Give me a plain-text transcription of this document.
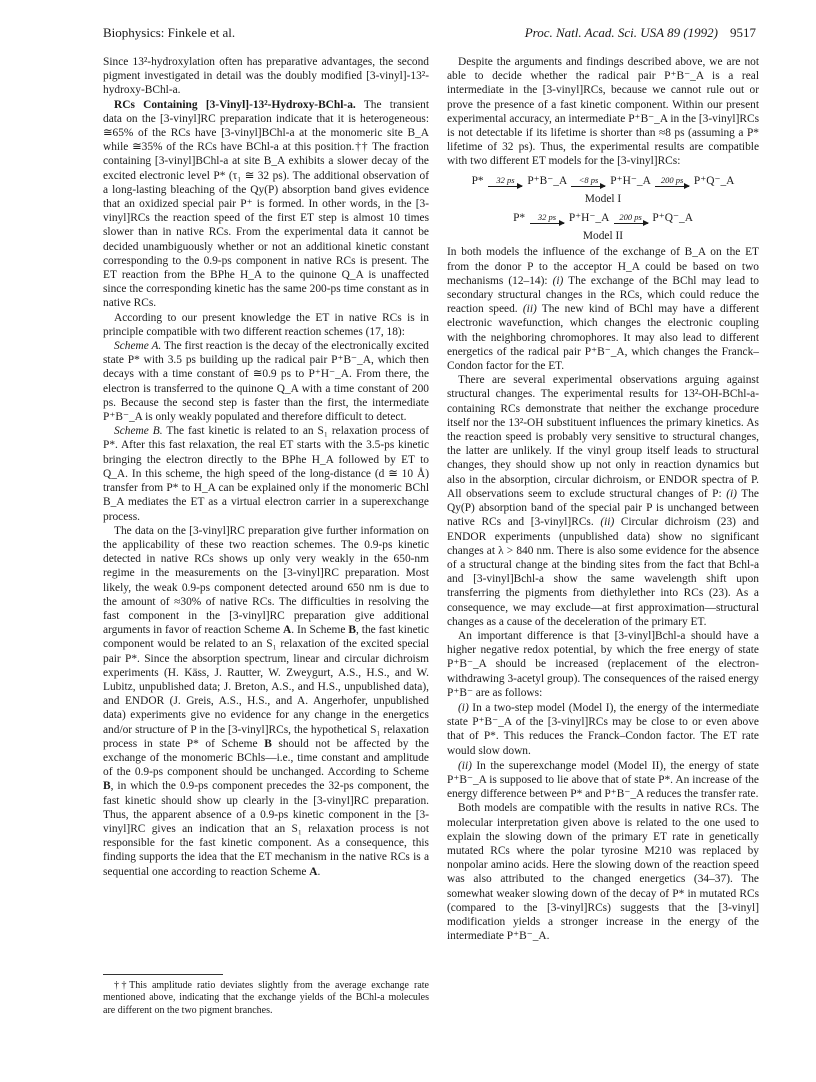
Biophysics: Finkele et al.	Proc. Natl. Acad. Sci. USA 89 (1992) 9517

Since 13²-hydroxylation often has preparative advantages, the second pigment investigated in detail was the doubly modified [3-vinyl]-13²-hydroxy-BChl-a.

RCs Containing [3-Vinyl]-13²-Hydroxy-BChl-a. The transient data on the [3-vinyl]RC preparation indicate that it is heterogeneous: ≅65% of the RCs have [3-vinyl]BChl-a at the monomeric site B_A while ≅35% of the RCs have BChl-a at this position.†† The fraction containing [3-vinyl]BChl-a at site B_A exhibits a slower decay of the excited electronic level P* (τ₁ ≅ 32 ps). The additional observation of a long-lasting bleaching of the Qy(P) absorption band gives evidence that an oxidized special pair P⁺ is formed. In other words, in the [3-vinyl]RCs the reaction speed of the first ET step is almost 10 times slower than in native RCs. From the experimental data it cannot be decided unambiguously whether or not an additional kinetic constant corresponding to the 0.9-ps component in native RCs is present. The ET reaction from the BPhe H_A to the quinone Q_A is unaffected since the corresponding kinetic has the same 200-ps time constant as in native RCs.

According to our present knowledge the ET in native RCs is in principle compatible with two different reaction schemes (17, 18):

Scheme A. The first reaction is the decay of the electronically excited state P* with 3.5 ps building up the radical pair P⁺B⁻_A, which then decays with a time constant of ≅0.9 ps to P⁺H⁻_A. From there, the electron is transferred to the quinone Q_A with a time constant of 200 ps. Because the second step is faster than the first, the intermediate P⁺B⁻_A is only weakly populated and therefore difficult to detect.

Scheme B. The fast kinetic is related to an S₁ relaxation process of P*. After this fast relaxation, the real ET starts with the 3.5-ps kinetic bringing the electron directly to the BPhe H_A followed by ET to Q_A. In this scheme, the high speed of the long-distance (d ≅ 10 Å) transfer from P* to H_A can be explained only if the monomeric BChl B_A mediates the ET as a virtual electron carrier in a superexchange process.

The data on the [3-vinyl]RC preparation give further information on the applicability of these two reaction schemes. The 0.9-ps kinetic detected in native RCs shows up only very weakly in the 650-nm regime in the measurements on the [3-vinyl]RC preparation. Most likely, the weak 0.9-ps component detected around 650 nm is due to the amount of ≈30% of native RCs. The difficulties in resolving the fast component in the [3-vinyl]RC preparation give additional arguments in favor of reaction Scheme A. In Scheme B, the fast kinetic component would be related to an S₁ relaxation of the excited special pair P*. Since the absorption spectrum, linear and circular dichroism experiments (H. Käss, J. Rautter, W. Zweygurt, A.S., H.S., and W. Lubitz, unpublished data; J. Breton, A.S., and H.S., unpublished data), and ENDOR (J. Greis, A.S., H.S., and A. Angerhofer, unpublished data) experiments give no evidence for any change in the energetics and/or structure of P in the [3-vinyl]RCs, the hypothetical S₁ relaxation process in state P* of Scheme B should not be affected by the exchange of the monomeric BChls—i.e., time constant and amplitude of the 0.9-ps component should be unchanged. According to Scheme B, in which the 0.9-ps component precedes the 32-ps component, the fast kinetic should show up clearly in the [3-vinyl]RC preparation. Thus, the apparent absence of a 0.9-ps kinetic component in the [3-vinyl]RC gives an indication that an S₁ relaxation process is not responsible for the fast kinetic component. As a consequence, this finding supports the idea that the ET mechanism in the native RCs is a sequential one according to reaction Scheme A.

††This amplitude ratio deviates slightly from the average exchange rate mentioned above, indicating that the exchange yields of the BChl-a molecules are different on the two pigment branches.

Despite the arguments and findings described above, we are not able to decide whether the radical pair P⁺B⁻_A is a real intermediate in the [3-vinyl]RCs, because we cannot rule out or prove the presence of a fast kinetic component. Within our present experimental accuracy, an intermediate P⁺B⁻_A in the [3-vinyl]RCs is not detectable if its lifetime is shorter than ≈8 ps (assuming a P* lifetime of 32 ps). Thus, the experimental results are compatible with two different ET models for the [3-vinyl]RCs:

P*	32 ps	P⁺B⁻_A	<8 ps	P⁺H⁻_A	200 ps P⁺Q⁻_A
Model I
P*	32 ps	P⁺H⁻_A	200 ps P⁺Q⁻_A
Model II

In both models the influence of the exchange of B_A on the ET from the donor P to the acceptor H_A could be based on two mechanisms (12–14): (i) The exchange of the BChl may lead to secondary structural changes in the RCs, which could reduce the reaction speed. (ii) The new kind of BChl may have a different electronic wavefunction, which changes the electronic coupling with the neighboring chromophores. It may also lead to different energetics of the radical pair P⁺B⁻_A, which changes the Franck–Condon factor for the ET.

There are several experimental observations arguing against structural changes. The experimental results for 13²-OH-BChl-a-containing RCs demonstrate that neither the exchange procedure itself nor the 13²-OH substituent influences the primary kinetics. As the reaction speed is probably very sensitive to structural changes, the latter are unlikely. If the vinyl group itself leads to structural changes, they should show up not only in reaction dynamics but also in the absorption, circular dichroism, or ENDOR spectra of P. All observations seem to exclude structural changes of P: (i) The Qy(P) absorption band of the special pair P is unchanged between native RCs and [3-vinyl]RCs. (ii) Circular dichroism (23) and ENDOR experiments (unpublished data) show no significant changes at λ > 840 nm. There is also some evidence for the absence of a structural change at the binding sites from the fact that Bchl-a and [3-vinyl]Bchl-a show the same wavelength shift upon transferring the pigments from diethylether into RCs (23). As a consequence, we may exclude—at first approximation—structural changes as a cause of the deceleration of the primary ET.

An important difference is that [3-vinyl]Bchl-a should have a higher negative redox potential, by which the free energy of state P⁺B⁻_A should be increased (replacement of the electron-withdrawing 3-acetyl group). The consequences of the raised energy P⁺B⁻ are as follows:

(i) In a two-step model (Model I), the energy of the intermediate state P⁺B⁻_A of the [3-vinyl]RCs may be close to or even above that of P*. This reduces the Franck–Condon factor. The ET rate would slow down.

(ii) In the superexchange model (Model II), the energy of state P⁺B⁻_A is supposed to lie above that of state P*. An increase of the energy difference between P* and P⁺B⁻_A reduces the transfer rate.

Both models are compatible with the results in native RCs. The molecular interpretation given above is related to the one used to explain the slowing down of the primary ET rate in genetically mutated RCs where the polar tyrosine M210 was replaced by nonpolar amino acids. Here the slowing down of the reaction speed was also attributed to the changed energetics (34–37). The somewhat weaker slowing down of the decay of P* in mutated RCs (compared to the [3-vinyl]RCs) suggests that the [3-vinyl] modification yields a stronger increase in the energy of the intermediate P⁺B⁻_A.
